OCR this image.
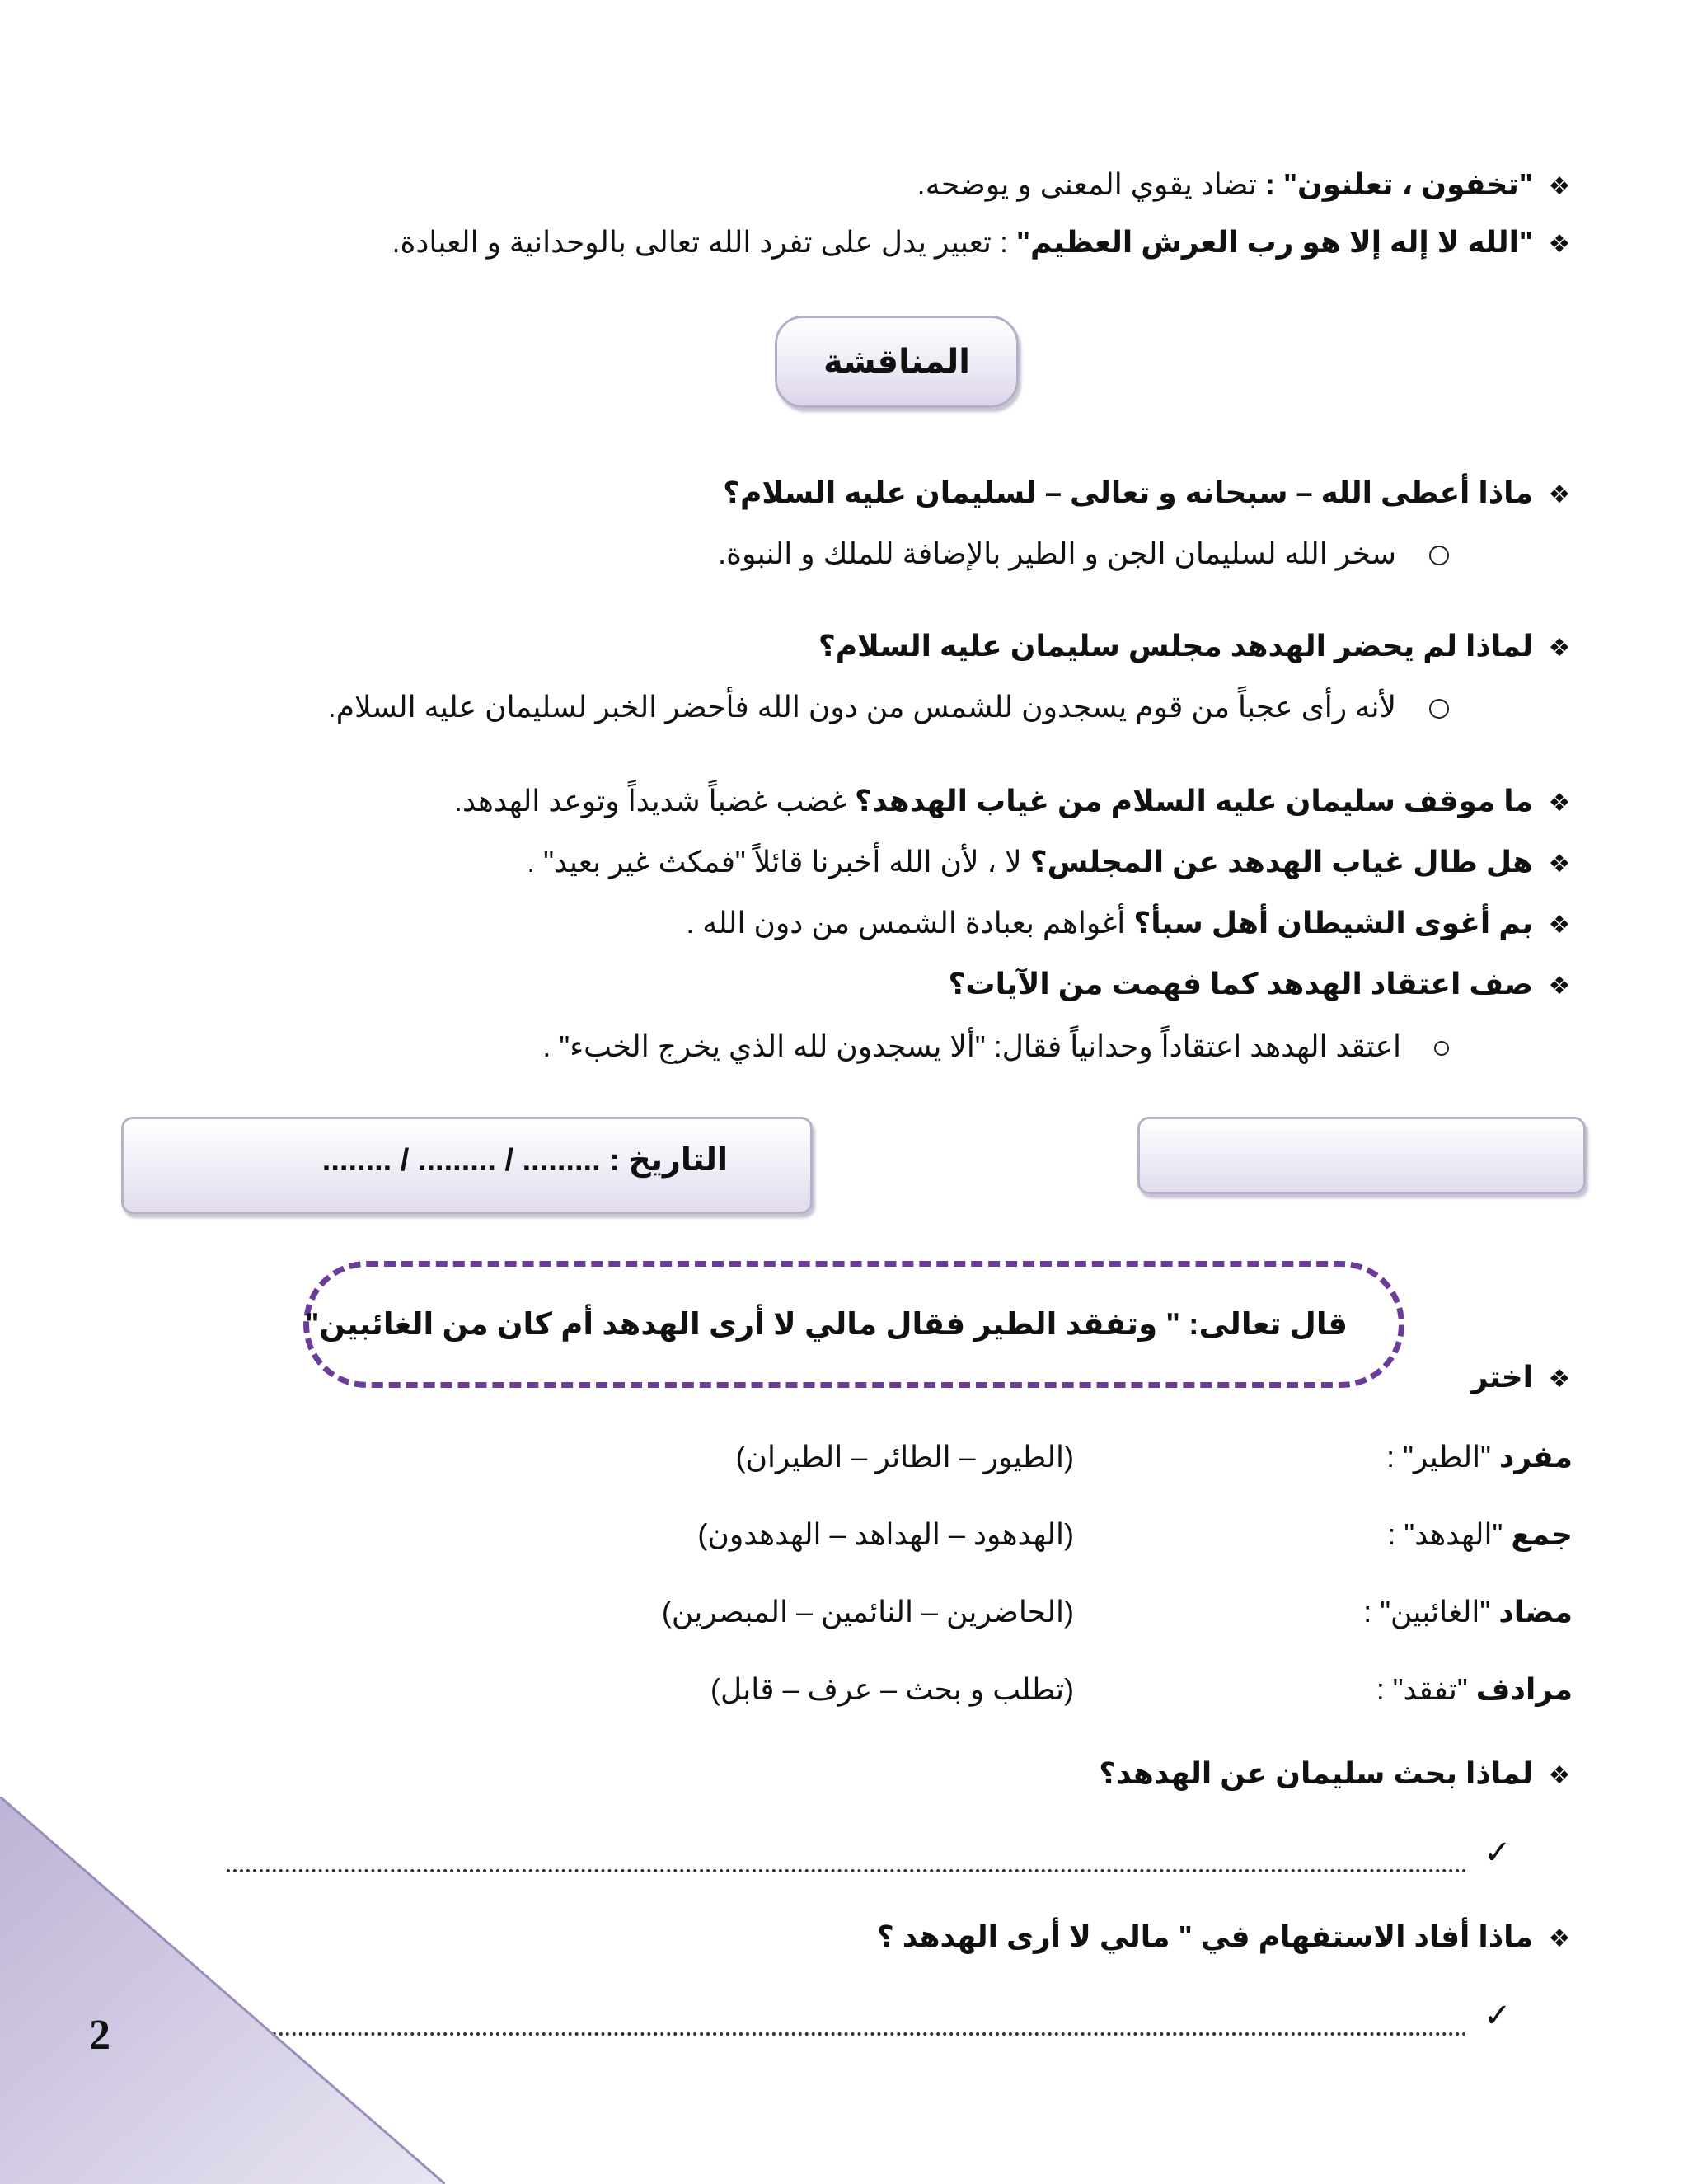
❖"تخفون ، تعلنون" : تضاد يقوي المعنى و يوضحه.
❖"الله لا إله إلا هو رب العرش العظيم" : تعبير يدل على تفرد الله تعالى بالوحدانية و العبادة.
المناقشة
❖ماذا أعطى الله – سبحانه و تعالى – لسليمان عليه السلام؟
سخر الله لسليمان الجن و الطير بالإضافة للملك و النبوة.
❖لماذا لم يحضر الهدهد مجلس سليمان عليه السلام؟
لأنه رأى عجباً من قوم يسجدون للشمس من دون الله فأحضر الخبر لسليمان عليه السلام.
❖ما موقف سليمان عليه السلام من غياب الهدهد؟ غضب غضباً شديداً وتوعد الهدهد.
❖هل طال غياب الهدهد عن المجلس؟ لا ، لأن الله أخبرنا قائلاً "فمكث غير بعيد" .
❖بم أغوى الشيطان أهل سبأ؟ أغواهم بعبادة الشمس من دون الله .
❖صف اعتقاد الهدهد كما فهمت من الآيات؟
اعتقد الهدهد اعتقاداً وحدانياً فقال: "ألا يسجدون لله الذي يخرج الخبء" .
التاريخ : ......... / ......... / ........
❖اختر
قال تعالى: " وتفقد الطير فقال مالي لا أرى الهدهد أم كان من الغائبين"
مفرد "الطير" :
(الطيور – الطائر – الطيران)
جمع "الهدهد" :
(الهدهود – الهداهد – الهدهدون)
مضاد "الغائبين" :
(الحاضرين – النائمين – المبصرين)
مرادف "تفقد" :
(تطلب و بحث – عرف – قابل)
❖لماذا بحث سليمان عن الهدهد؟
✓
❖ماذا أفاد الاستفهام في " مالي لا أرى الهدهد ؟
✓
2
